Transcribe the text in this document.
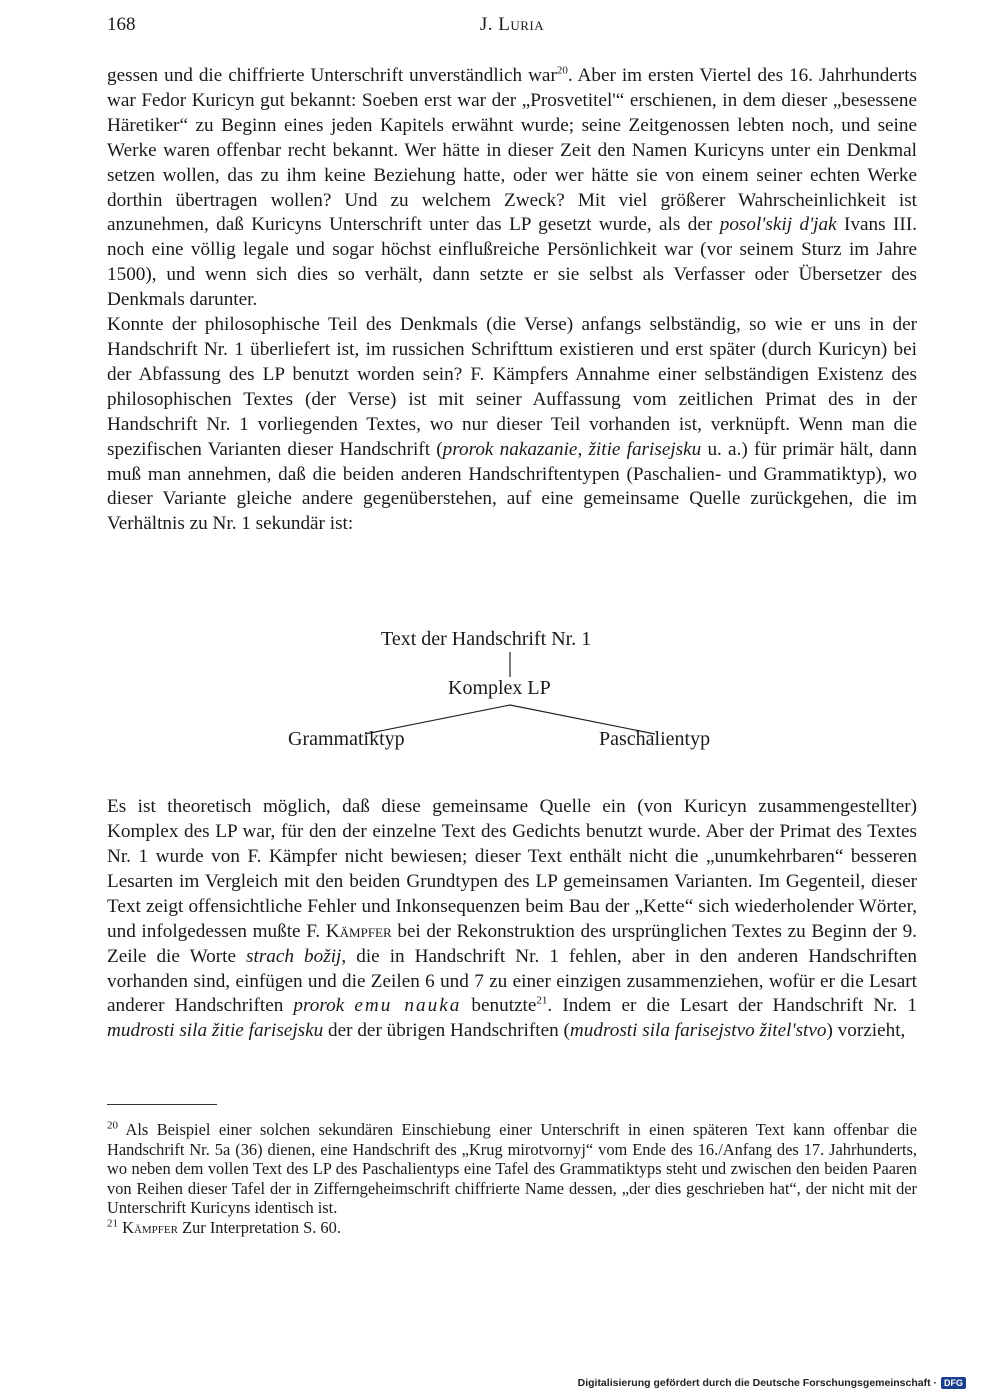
168	J. Luria

gessen und die chiffrierte Unterschrift unverständlich war$^{20}$. Aber im ersten Viertel des 16. Jahrhunderts war Fedor Kuricyn gut bekannt: Soeben erst war der „Prosvetitel'“ erschienen, in dem dieser „besessene Häretiker“ zu Beginn eines jeden Kapitels erwähnt wurde; seine Zeitgenossen lebten noch, und seine Werke waren offenbar recht bekannt. Wer hätte in dieser Zeit den Namen Kuricyns unter ein Denkmal setzen wollen, das zu ihm keine Beziehung hatte, oder wer hätte sie von einem seiner echten Werke dorthin übertragen wollen? Und zu welchem Zweck? Mit viel größerer Wahrscheinlichkeit ist anzunehmen, daß Kuricyns Unterschrift unter das LP gesetzt wurde, als der posol'skij d'jak Ivans III. noch eine völlig legale und sogar höchst einflußreiche Persönlichkeit war (vor seinem Sturz im Jahre 1500), und wenn sich dies so verhält, dann setzte er sie selbst als Verfasser oder Übersetzer des Denkmals darunter.

Konnte der philosophische Teil des Denkmals (die Verse) anfangs selbständig, so wie er uns in der Handschrift Nr. 1 überliefert ist, im russichen Schrifttum existieren und erst später (durch Kuricyn) bei der Abfassung des LP benutzt worden sein? F. Kämpfers Annahme einer selbständigen Existenz des philosophischen Textes (der Verse) ist mit seiner Auffassung vom zeitlichen Primat des in der Handschrift Nr. 1 vorliegenden Textes, wo nur dieser Teil vorhanden ist, verknüpft. Wenn man die spezifischen Varianten dieser Handschrift (prorok nakazanie, žitie farisejsku u. a.) für primär hält, dann muß man annehmen, daß die beiden anderen Handschriftentypen (Paschalien- und Grammatiktyp), wo dieser Variante gleiche andere gegenüberstehen, auf eine gemeinsame Quelle zurückgehen, die im Verhältnis zu Nr. 1 sekundär ist:

Text der Handschrift Nr. 1
Komplex LP
Grammatiktyp	Paschalientyp

Es ist theoretisch möglich, daß diese gemeinsame Quelle ein (von Kuricyn zusammengestellter) Komplex des LP war, für den der einzelne Text des Gedichts benutzt wurde. Aber der Primat des Textes Nr. 1 wurde von F. Kämpfer nicht bewiesen; dieser Text enthält nicht die „unumkehrbaren“ besseren Lesarten im Vergleich mit den beiden Grundtypen des LP gemeinsamen Varianten. Im Gegenteil, dieser Text zeigt offensichtliche Fehler und Inkonsequenzen beim Bau der „Kette“ sich wiederholender Wörter, und infolgedessen mußte F. Kämpfer bei der Rekonstruktion des ursprünglichen Textes zu Beginn der 9. Zeile die Worte strach božij, die in Handschrift Nr. 1 fehlen, aber in den anderen Handschriften vorhanden sind, einfügen und die Zeilen 6 und 7 zu einer einzigen zusammenziehen, wofür er die Lesart anderer Handschriften prorok emu nauka benutzte$^{21}$. Indem er die Lesart der Handschrift Nr. 1 mudrosti sila žitie farisejsku der der übrigen Handschriften (mudrosti sila farisejstvo žitel'stvo) vorzieht,

$^{20}$ Als Beispiel einer solchen sekundären Einschiebung einer Unterschrift in einen späteren Text kann offenbar die Handschrift Nr. 5a (36) dienen, eine Handschrift des „Krug mirotvornyj“ vom Ende des 16./Anfang des 17. Jahrhunderts, wo neben dem vollen Text des LP des Paschalientyps eine Tafel des Grammatiktyps steht und zwischen den beiden Paaren von Reihen dieser Tafel der in Zifferngeheimschrift chiffrierte Name dessen, „der dies geschrieben hat“, der nicht mit der Unterschrift Kuricyns identisch ist.

$^{21}$ Kämpfer Zur Interpretation S. 60.

Digitalisierung gefördert durch die Deutsche Forschungsgemeinschaft · DFG
